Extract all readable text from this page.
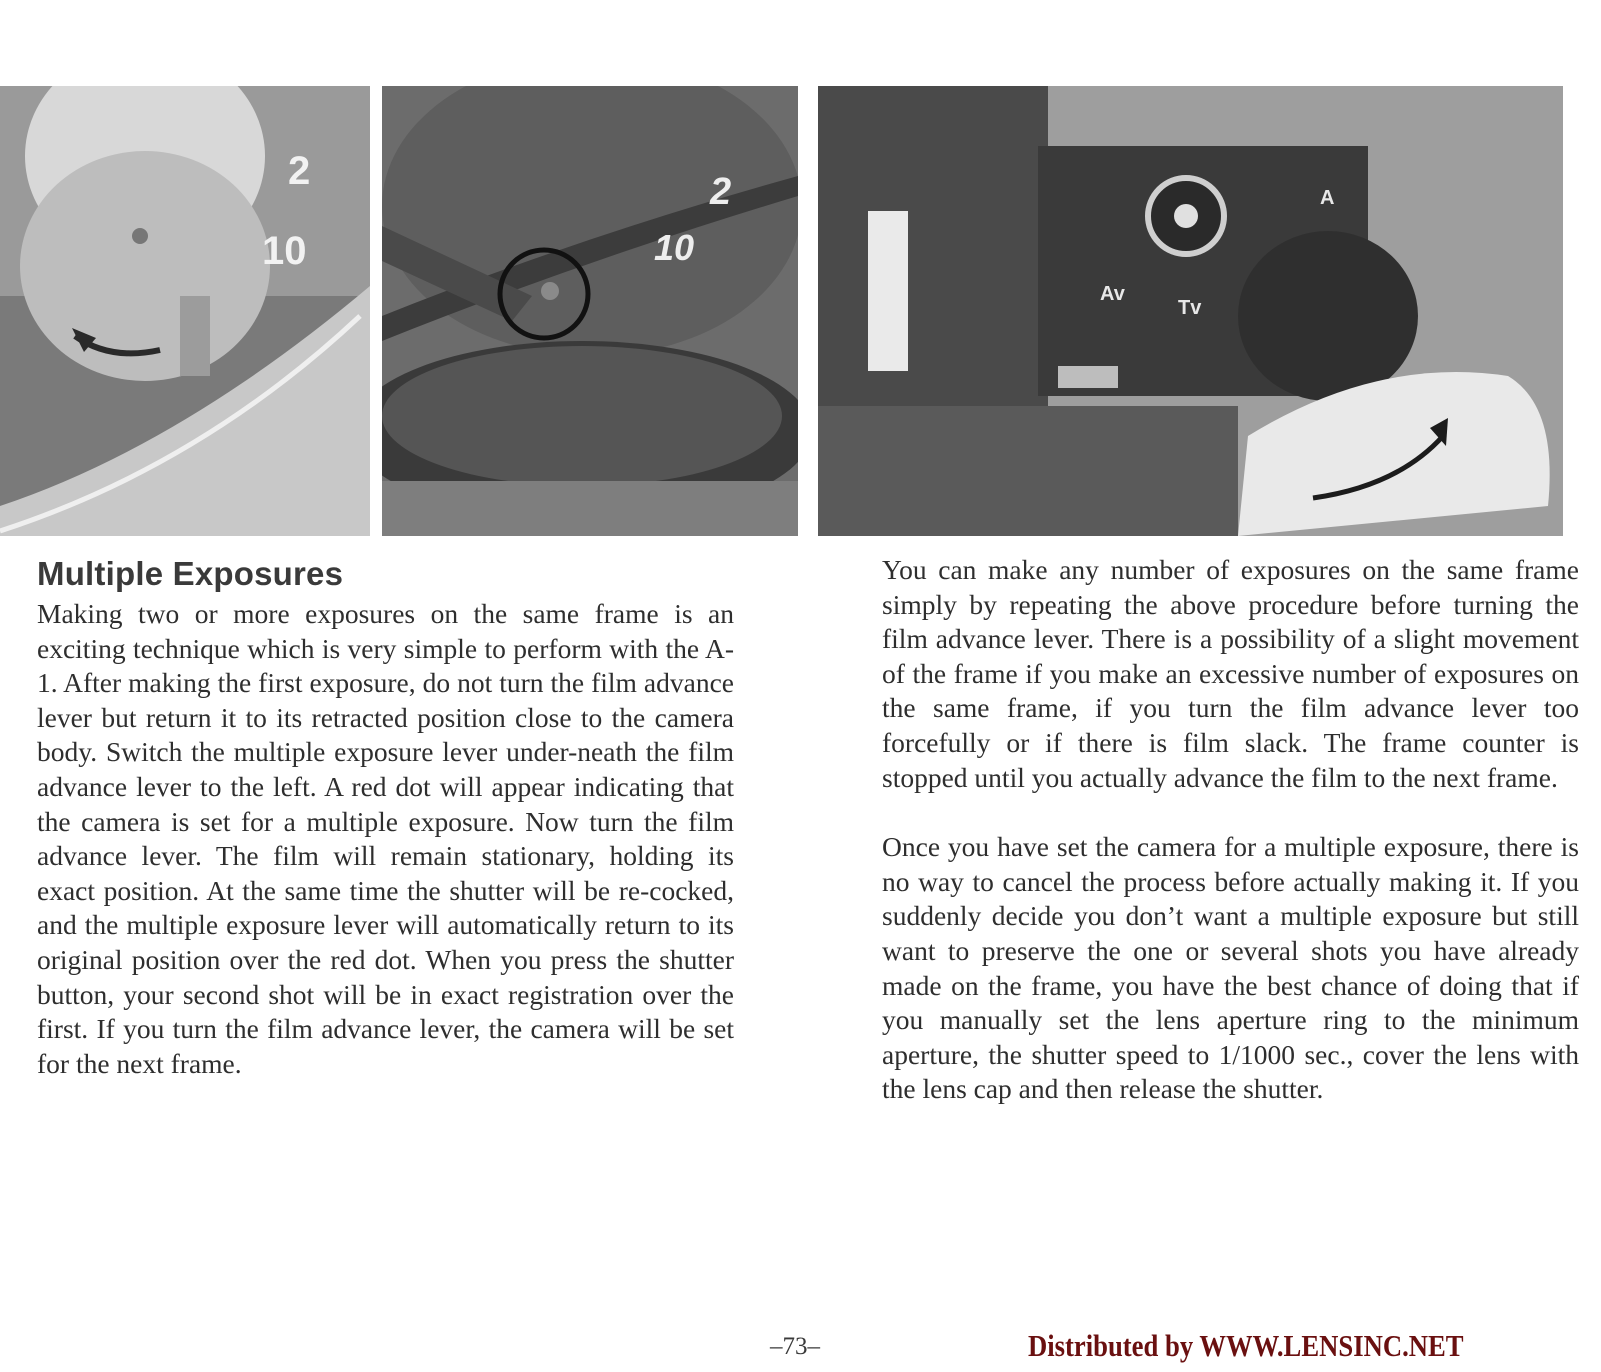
2
10
2
10
Av
Tv
A
Multiple Exposures

Making two or more exposures on the same frame is an exciting technique which is very simple to perform with the A-1. After making the first exposure, do not turn the film advance lever but return it to its retracted position close to the camera body. Switch the multiple exposure lever under-neath the film advance lever to the left. A red dot will appear indicating that the camera is set for a multiple exposure. Now turn the film advance lever. The film will remain stationary, holding its exact position. At the same time the shutter will be re-cocked, and the multiple exposure lever will automatically return to its original position over the red dot. When you press the shutter button, your second shot will be in exact registration over the first. If you turn the film advance lever, the camera will be set for the next frame.

You can make any number of exposures on the same frame simply by repeating the above procedure before turning the film advance lever. There is a possibility of a slight movement of the frame if you make an excessive number of exposures on the same frame, if you turn the film advance lever too forcefully or if there is film slack. The frame counter is stopped until you actually advance the film to the next frame.

Once you have set the camera for a multiple exposure, there is no way to cancel the process before actually making it. If you suddenly decide you don’t want a multiple exposure but still want to preserve the one or several shots you have already made on the frame, you have the best chance of doing that if you manually set the lens aperture ring to the minimum aperture, the shutter speed to 1/1000 sec., cover the lens with the lens cap and then release the shutter.

–73–	Distributed by WWW.LENSINC.NET
